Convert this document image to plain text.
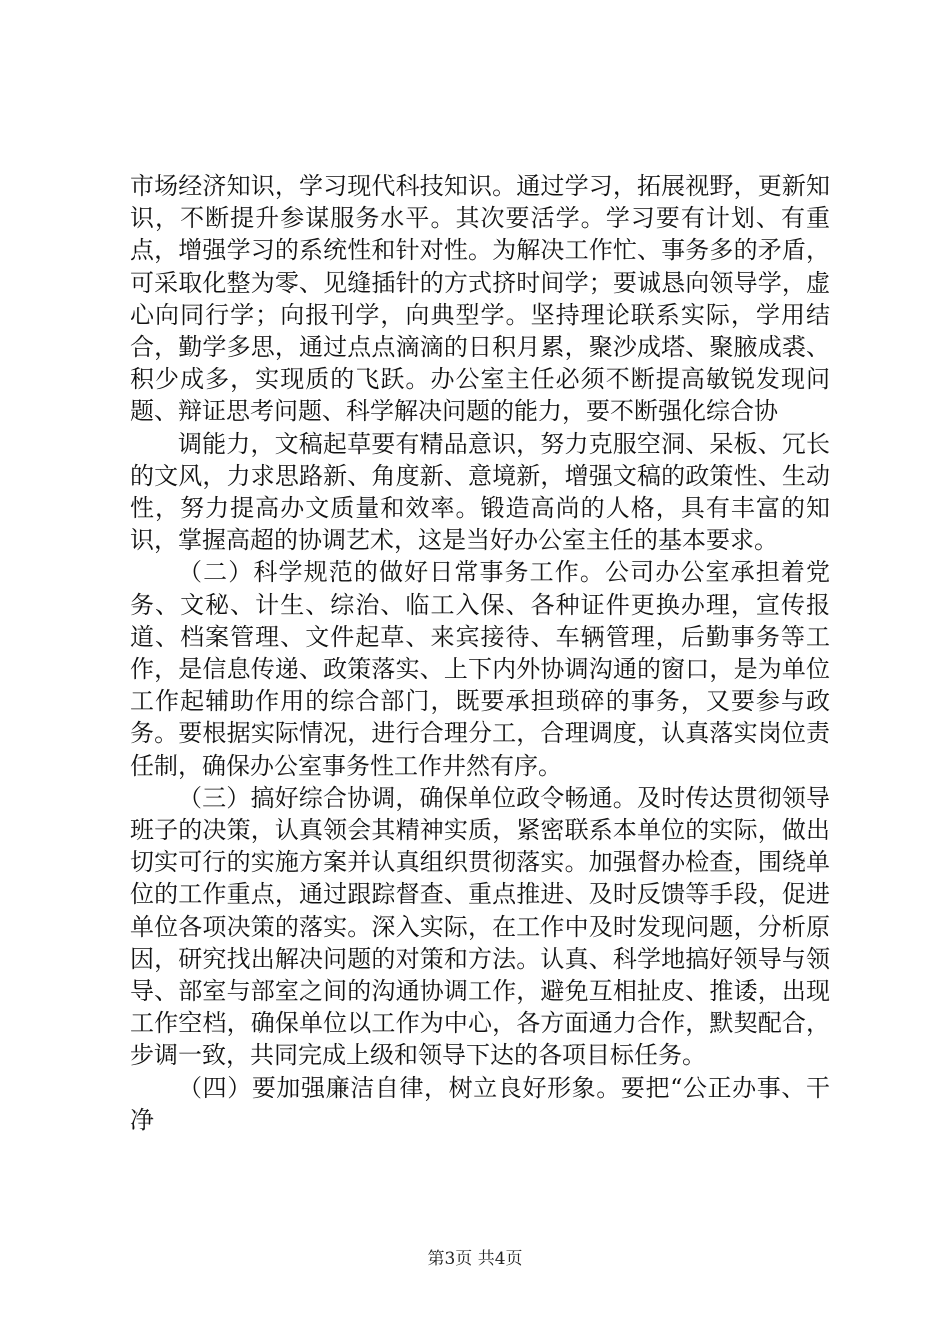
市场经济知识，学习现代科技知识。通过学习，拓展视野，更新知识，不断提升参谋服务水平。其次要活学。学习要有计划、有重点，增强学习的系统性和针对性。为解决工作忙、事务多的矛盾，可采取化整为零、见缝插针的方式挤时间学；要诚恳向领导学，虚心向同行学；向报刊学，向典型学。坚持理论联系实际，学用结合，勤学多思，通过点点滴滴的日积月累，聚沙成塔、聚腋成裘、积少成多，实现质的飞跃。办公室主任必须不断提高敏锐发现问题、辩证思考问题、科学解决问题的能力，要不断强化综合协

调能力，文稿起草要有精品意识，努力克服空洞、呆板、冗长的文风，力求思路新、角度新、意境新，增强文稿的政策性、生动性，努力提高办文质量和效率。锻造高尚的人格，具有丰富的知识，掌握高超的协调艺术，这是当好办公室主任的基本要求。

（二）科学规范的做好日常事务工作。公司办公室承担着党务、文秘、计生、综治、临工入保、各种证件更换办理，宣传报道、档案管理、文件起草、来宾接待、车辆管理，后勤事务等工作，是信息传递、政策落实、上下内外协调沟通的窗口，是为单位工作起辅助作用的综合部门，既要承担琐碎的事务，又要参与政务。要根据实际情况，进行合理分工，合理调度，认真落实岗位责任制，确保办公室事务性工作井然有序。

（三）搞好综合协调，确保单位政令畅通。及时传达贯彻领导班子的决策，认真领会其精神实质，紧密联系本单位的实际，做出切实可行的实施方案并认真组织贯彻落实。加强督办检查，围绕单位的工作重点，通过跟踪督查、重点推进、及时反馈等手段，促进单位各项决策的落实。深入实际，在工作中及时发现问题，分析原因，研究找出解决问题的对策和方法。认真、科学地搞好领导与领导、部室与部室之间的沟通协调工作，避免互相扯皮、推诿，出现工作空档，确保单位以工作为中心，各方面通力合作，默契配合，步调一致，共同完成上级和领导下达的各项目标任务。

（四）要加强廉洁自律，树立良好形象。要把“公正办事、干净

第3页 共4页
